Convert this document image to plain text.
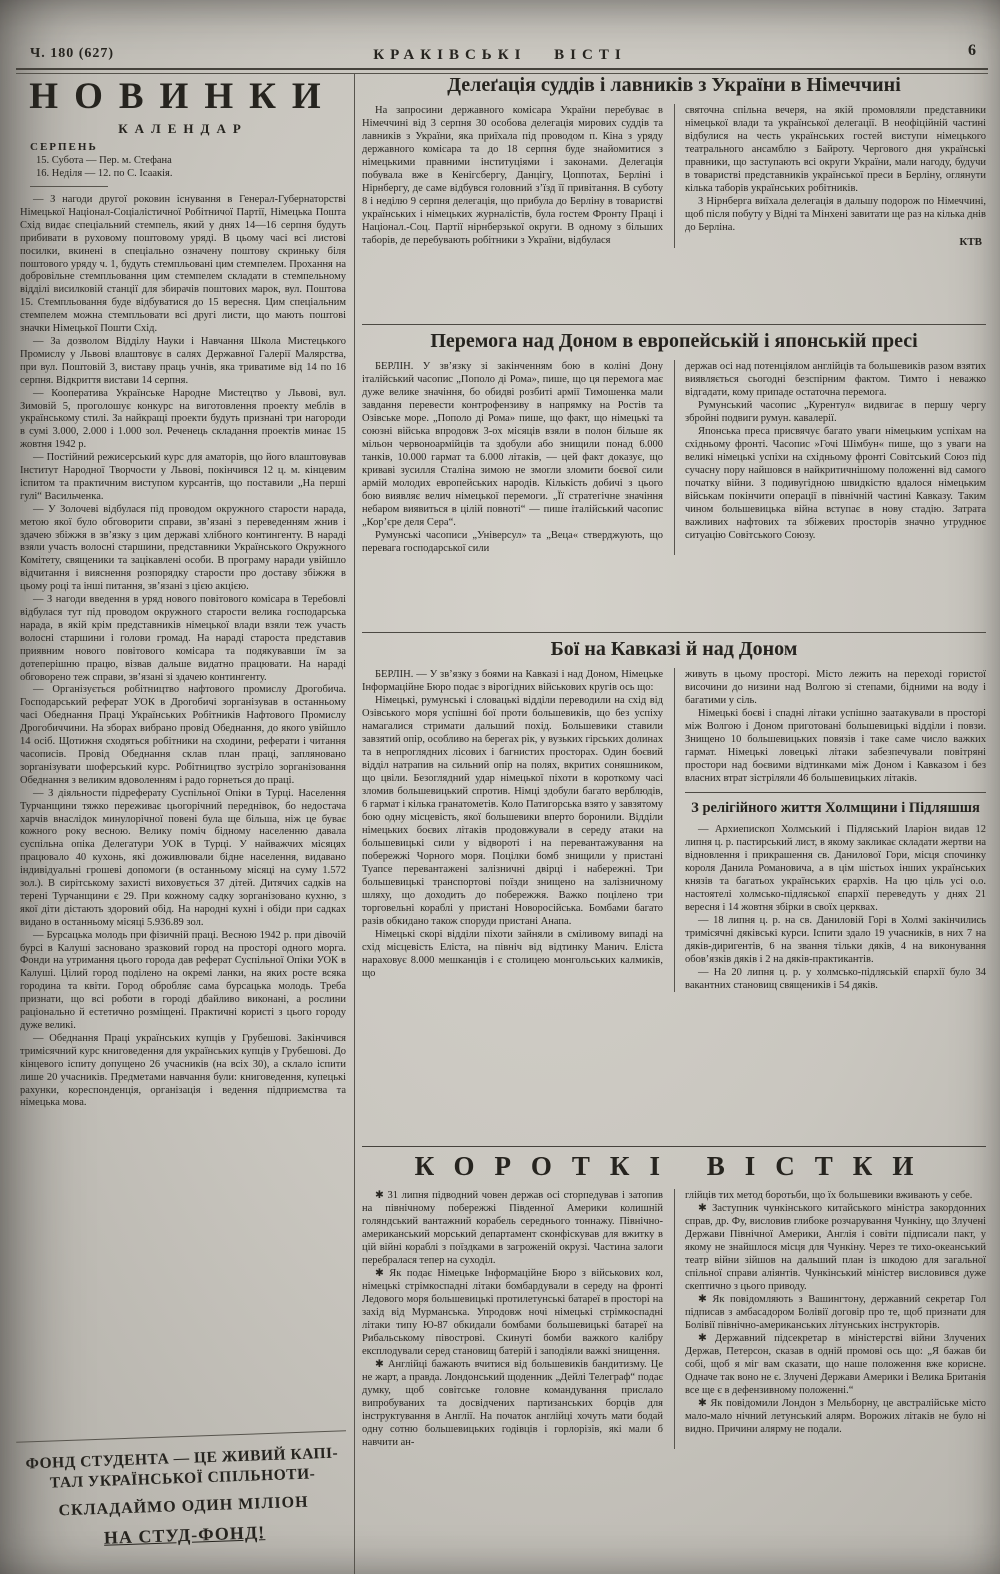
Ч. 180 (627)	КРАКІВСЬКІ ВІСТІ	6
НОВИНКИ
КАЛЕНДАР
СЕРПЕНЬ
15. Субота — Пер. м. Стефана
16. Неділя — 12. по С. Ісаакія.

— З нагоди другої роковин існування в Генерал-Губернаторстві Німецької Націонал-Соціалістичної Робітничої Партії, Німецька Пошта Схід видає спеціальний стемпель, який у днях 14—16 серпня будуть прибивати в руховому поштовому уряді. В цьому часі всі листові посилки, вкинені в спеціально означену поштову скриньку біля поштового уряду ч. 1, будуть стемпльовані цим стемпелем. Прохання на добровільне стемпльовання цим стемпелем складати в стемпельному відділі висилковій станції для збирачів поштових марок, вул. Поштова 15. Стемпльовання буде відбуватися до 15 вересня. Цим спеціальним стемпелем можна стемпльовати всі другі листи, що мають поштові значки Німецької Пошти Схід.

— За дозволом Відділу Науки і Навчання Школа Мистецького Промислу у Львові влаштовує в салях Державної Галерії Малярства, при вул. Поштовій 3, виставу праць учнів, яка триватиме від 14 по 16 серпня. Відкриття вистави 14 серпня.

— Кооператива Українське Народне Мистецтво у Львові, вул. Зимовій 5, проголошує конкурс на виготовлення проекту меблів в українському стилі. За найкращі проекти будуть признані три нагороди в сумі 3.000, 2.000 і 1.000 зол. Реченець складання проектів минає 15 жовтня 1942 р.

— Постійний режисерський курс для аматорів, що його влаштовував Інститут Народної Творчости у Львові, покінчився 12 ц. м. кінцевим іспитом та практичним виступом курсантів, що поставили „На перші гулі“ Васильченка.

— У Золочеві відбулася під проводом окружного старости нарада, метою якої було обговорити справи, зв’язані з переведенням жнив і здачею збіжжя в зв’язку з цим державі хлібного контингенту. В нараді взяли участь волосні старшини, представники Українського Окружного Комітету, священики та зацікавлені особи. В програму наради увійшло відчитання і вияснення розпорядку старости про доставу збіжжя в цьому році та інші питання, зв’язані з цією акцією.

— З нагоди введення в уряд нового повітового комісара в Теребовлі відбулася тут під проводом окружного старости велика господарська нарада, в якій крім представників німецької влади взяли теж участь волосні старшини і голови громад. На нараді староста представив приявним нового повітового комісара та подякувавши їм за дотеперішню працю, візвав дальше видатно працювати. На нараді обговорено теж справи, зв’язані зі здачею контингенту.

— Організується робітництво нафтового промислу Дрогобича. Господарський реферат УОК в Дрогобичі зорганізував в останньому часі Обеднання Праці Українських Робітників Нафтового Промислу Дрогобиччини. На зборах вибрано провід Обеднання, до якого увійшло 14 осіб. Щотижня сходяться робітники на сходини, реферати і читання часописів. Провід Обеднання склав план праці, запляновано зорганізувати шоферський курс. Робітництво зустріло зорганізовання Обеднання з великим вдоволенням і радо горнеться до праці.

— З діяльности підреферату Суспільної Опіки в Турці. Населення Турчанщини тяжко переживає цьогорічний переднівок, бо недостача харчів внаслідок минулорічної повені була ще більша, ніж це буває кожного року весною. Велику поміч бідному населенню давала суспільна опіка Делегатури УОК в Турці. У найважчих місяцях працювало 40 кухонь, які доживлювали бідне населення, видавано індивідуальні грошеві допомоги (в останньому місяці на суму 1.572 зол.). В сирітському захисті виховується 37 дітей. Дитячих садків на терені Турчанщини є 29. При кожному садку зорганізовано кухню, з якої діти дістають здоровий обід. На народні кухні і обіди при садках видано в останньому місяці 5.936.89 зол.

— Бурсацька молодь при фізичній праці. Весною 1942 р. при дівочій бурсі в Калуші засновано зразковий город на просторі одного морга. Фонди на утримання цього города дав реферат Суспільної Опіки УОК в Калуші. Цілий город поділено на окремі ланки, на яких росте всяка городина та квіти. Город обробляє сама бурсацька молодь. Треба признати, що всі роботи в городі дбайливо виконані, а рослини раціонально й естетично розміщені. Практичні користі з цього городу дуже великі.

— Обеднання Праці українських купців у Грубешові. Закінчився тримісячний курс книговедення для українських купців у Грубешові. До кінцевого іспиту допущено 26 учасників (на всіх 30), а склало іспити лише 20 учасників. Предметами навчання були: книговедення, купецькі рахунки, кореспонденція, організація і ведення підприємства та німецька мова.

ФОНД СТУДЕНТА — ЦЕ ЖИВИЙ КАПІ-
ТАЛ УКРАЇНСЬКОЇ СПІЛЬНОТИ-
СКЛАДАЙМО ОДИН МІЛІОН
НА СТУД-ФОНД!
Делеґація суддів і лавників з України в Німеччині

На запросини державного комісара України перебуває в Німеччині від 3 серпня 30 особова делегація мирових суддів та лавників з України, яка приїхала під проводом п. Кіна з уряду державного комісара та до 18 серпня буде знайомитися з німецькими правними інституціями і законами. Делегація побувала вже в Кенігсбергу, Данцігу, Цоппотах, Берліні і Нірнбергу, де саме відбувся головний з’їзд її привітання. В суботу 8 і неділю 9 серпня делегація, що прибула до Берліну в товаристві українських і німецьких журналістів, була гостем Фронту Праці і Націонал.-Соц. Партії нірнберзької округи. В одному з більших таборів, де перебувають робітники з України, відбулася

святочна спільна вечеря, на якій промовляли представники німецької влади та української делегації. В неофіційній частині відбулися на честь українських гостей виступи німецького театрального ансамблю з Байроту. Чергового дня українські правники, що заступають всі округи України, мали нагоду, будучи в товаристві представників української преси в Берліну, оглянути кілька таборів українських робітників.

З Нірнберга виїхала делегація в дальшу подорож по Німеччині, щоб після побуту у Відні та Мінхені завитати ще раз на кілька днів до Берліна.

КТВ
Перемога над Доном в европейській і японській пресі

БЕРЛІН. У зв’язку зі закінченням бою в коліні Дону італійський часопис „Пополо ді Рома», пише, що ця перемога має дуже велике значіння, бо обидві розбиті армії Тимошенка мали завдання перевести контрофензиву в напрямку на Ростів та Озівське море. „Пополо ді Рома» пише, що факт, що німецькі та союзні війська впродовж 3-ох місяців взяли в полон більше як мільон червоноармійців та здобули або знищили понад 6.000 танків, 10.000 гармат та 6.000 літаків, — цей факт доказує, що криваві зусилля Сталіна зимою не змогли зломити боєвої сили армій молодих европейських народів. Кількість добичі з цього бою виявляє велич німецької перемоги. „Її стратегічне значіння небаром виявиться в цілій повноті“ — пише італійський часопис „Кор’єре деля Сера“.

Румунські часописи „Універсул» та „Веца« стверджують, що перевага господарської сили

держав осі над потенціялом англійців та большевиків разом взятих виявляється сьогодні безспірним фактом. Тимто і неважко відгадати, кому припаде остаточна перемога.

Румунський часопис „Курентул« видвигає в першу чергу збройні подвиги румун. кавалерії.

Японська преса присвячує багато уваги німецьким успіхам на східньому фронті. Часопис »Гочі Шімбун« пише, що з уваги на великі німецькі успіхи на східньому фронті Совітський Союз під сучасну пору найшовся в найкритичнішому положенні від самого початку війни. З подивугідною швидкістю вдалося німецьким військам покінчити операції в північній частині Кавказу. Таким чином большевицька війна вступає в нову стадію. Затрата важливих нафтових та збіжевих просторів значно утруднює ситуацію Совітського Союзу.

Бої на Кавказі й над Доном

БЕРЛІН. — У зв’язку з боями на Кавказі і над Доном, Німецьке Інформаційне Бюро подає з вірогідних військових кругів ось що:

Німецькі, румунські і словацькі відділи переводили на схід від Озівського моря успішні бої проти большевиків, що без успіху намагалися стримати дальший похід. Большевики ставили завзятий опір, особливо на берегах рік, у вузьких гірських долинах та в непроглядних лісових і багнистих просторах. Один боєвий відділ натрапив на сильний опір на полях, вкритих соняшником, що цвіли. Безоглядний удар німецької піхоти в короткому часі зломив большевицький спротив. Німці здобули багато верблюдів, 6 гармат і кілька гранатометів. Коло Патигорська взято у завзятому бою одну місцевість, якої большевики вперто боронили. Відділи німецьких боєвих літаків продовжували в середу атаки на большевицькі сили у відвороті і на перевантажування на побережжі Чорного моря. Поцілки бомб знищили у пристані Туапсе перевантажені залізничні двірці і набережні. Три большевицькі транспортові поїзди знищено на залізничному шляху, що доходить до побережжя. Важко поцілено три торговельні кораблі у пристані Новоросійська. Бомбами багато разів обкидано також споруди пристані Анапа.

Німецькі скорі відділи піхоти зайняли в сміливому випаді на схід місцевість Еліста, на північ від відтинку Манич. Еліста нараховує 8.000 мешканців і є столицею монгольських калмиків, що

живуть в цьому просторі. Місто лежить на переході гористої височини до низини над Волгою зі степами, бідними на воду і багатими у сіль.

Німецькі боєві і спадні літаки успішно заатакували в просторі між Волгою і Доном приготовані большевицькі відділи і повзи. Знищено 10 большевицьких повязів і таке саме число важких гармат. Німецькі ловецькі літаки забезпечували повітряні простори над боєвими відтинками між Доном і Кавказом і без власних втрат зістріляли 46 большевицьких літаків.

З релігійного життя Холмщини і Підляшшя

— Архиепископ Холмський і Підляський Іларіон видав 12 липня ц. р. пастирський лист, в якому закликає складати жертви на відновлення і прикрашення св. Данилової Гори, місця спочинку короля Данила Романовича, а в цім шістьох інших українських князів та багатьох українських єрархів. На цю ціль усі о.о. настоятелі холмсько-підляської єпархії переведуть у днях 21 вересня і 14 жовтня збірки в своїх церквах.

— 18 липня ц. р. на св. Даниловій Горі в Холмі закінчились тримісячні дяківські курси. Іспити здало 19 учасників, в них 7 на дяків-диригентів, 6 на звання тільки дяків, 4 на виконування обов’язків дяків і 2 на дяків-практикантів.

— На 20 липня ц. р. у холмсько-підляській єпархії було 34 вакантних становищ священиків і 54 дяків.

КОРОТКІ ВІСТКИ

✱ 31 липня підводний човен держав осі сторпедував і затопив на північному побережжі Південної Америки колишній голяндський вантажний корабель середнього тоннажу. Північно-американський морський департамент сконфіскував для вжитку в цій війні кораблі з поїздками в загроженій окрузі. Частина залоги перебралася тепер на суходіл.

✱ Як подає Німецьке Інформаційне Бюро з військових кол, німецькі стрімкоспадні літаки бомбардували в середу на фронті Ледового моря большевицькі протилетунські батареї в просторі на захід від Мурманська. Упродовж ночі німецькі стрімкоспадні літаки типу Ю-87 обкидали бомбами большевицькі батареї на Рибальському півострові. Скинуті бомби важкого калібру експлодували серед становищ батерій і заподіяли важкі знищення.

✱ Англійці бажають вчитися від большевиків бандитизму. Це не жарт, а правда. Лондонський щоденник „Дейлі Телеграф“ подає думку, щоб совітське головне командування прислало випробуваних та досвідчених партизанських борців для інструктування в Англії. На початок англійці хочуть мати бодай одну сотню большевицьких годівців і горлорізів, які мали б навчити ан-

глійців тих метод боротьби, що їх большевики вживають у себе.

✱ Заступник чункінського китайського міністра закордонних справ, др. Фу, висловив глибоке розчарування Чункіну, що Злучені Держави Північної Америки, Англія і совіти підписали пакт, у якому не знайшлося місця для Чункіну. Через те тихо-океанський театр війни зійшов на дальший план із шкодою для загальної спільної справи аліянтів. Чункінський міністер висловився дуже скептично з цього приводу.

✱ Як повідомляють з Вашингтону, державний секретар Гол підписав з амбасадором Болівії договір про те, щоб признати для Болівії північно-американських літунських інструкторів.

✱ Державний підсекретар в міністерстві війни Злучених Держав, Петерсон, сказав в одній промові ось що: „Я бажав би собі, щоб я міг вам сказати, що наше положення вже корисне. Одначе так воно не є. Злучені Держави Америки і Велика Британія все ще є в дефензивному положенні.“

✱ Як повідомили Лондон з Мельборну, це австралійське місто мало-мало нічний летунський алярм. Ворожих літаків не було ні видно. Причини алярму не подали.
